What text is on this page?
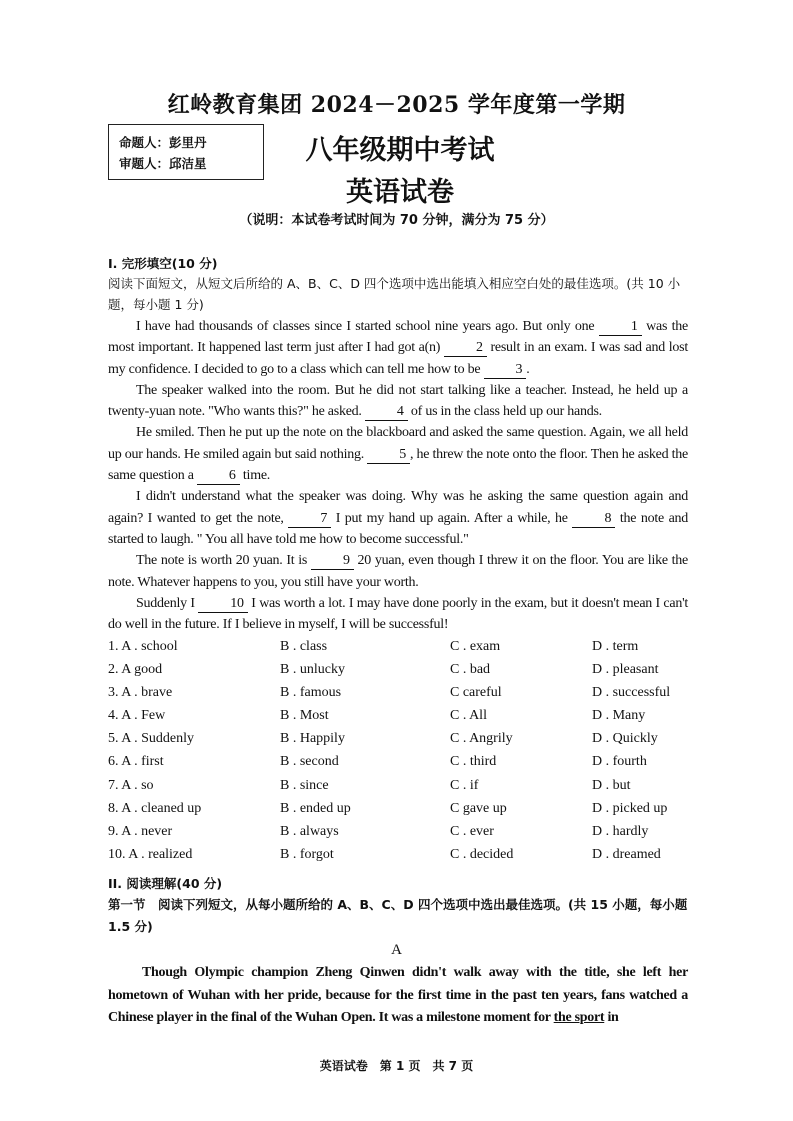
红岭教育集团 2024－2025 学年度第一学期
命题人：彭里丹
审题人：邱洁星	八年级期中考试
英语试卷
（说明：本试卷考试时间为 70 分钟，满分为 75 分）
I. 完形填空(10 分)
阅读下面短文，从短文后所给的 A、B、C、D 四个选项中选出能填入相应空白处的最佳选项。(共 10 小题，每小题 1 分)

I have had thousands of classes since I started school nine years ago. But only one	1 was the most important. It happened last term just after I had got a(n)	2 result in an exam. I was sad and lost my confidence. I decided to go to a class which can tell me how to be	3 .

The speaker walked into the room. But he did not start talking like a teacher. Instead, he held up a twenty-yuan note. "Who wants this?" he asked.	4 of us in the class held up our hands.

He smiled. Then he put up the note on the blackboard and asked the same question. Again, we all held up our hands. He smiled again but said nothing.	5 , he threw the note onto the floor. Then he asked the same question a	6 time.

I didn't understand what the speaker was doing. Why was he asking the same question again and again? I wanted to get the note,	7 I put my hand up again. After a while, he	8 the note and started to laugh. " You all have told me how to become successful."

The note is worth 20 yuan. It is	9 20 yuan, even though I threw it on the floor. You are like the note. Whatever happens to you, you still have your worth.

Suddenly I	10 I was worth a lot. I may have done poorly in the exam, but it doesn't mean I can't do well in the future. If I believe in myself, I will be successful!

1. A . school	B . class	C . exam	D . term
2. A good	B . unlucky	C . bad	D . pleasant
3. A . brave	B . famous	C careful	D . successful
4. A . Few	B . Most	C . All	D . Many
5. A . Suddenly	B . Happily	C . Angrily	D . Quickly
6. A . first	B . second	C . third	D . fourth
7. A . so	B . since	C . if	D . but
8. A . cleaned up	B . ended up	C gave up	D . picked up
9. A . never	B . always	C . ever	D . hardly
10. A . realized	B . forgot	C . decided	D . dreamed
II. 阅读理解(40 分)
第一节　阅读下列短文，从每小题所给的 A、B、C、D 四个选项中选出最佳选项。(共 15 小题，每小题 1.5 分)
A

Though Olympic champion Zheng Qinwen didn't walk away with the title, she left her hometown of Wuhan with her pride, because for the first time in the past ten years, fans watched a Chinese player in the final of the Wuhan Open. It was a milestone moment for the sport in

英语试卷　第 1 页　共 7 页
